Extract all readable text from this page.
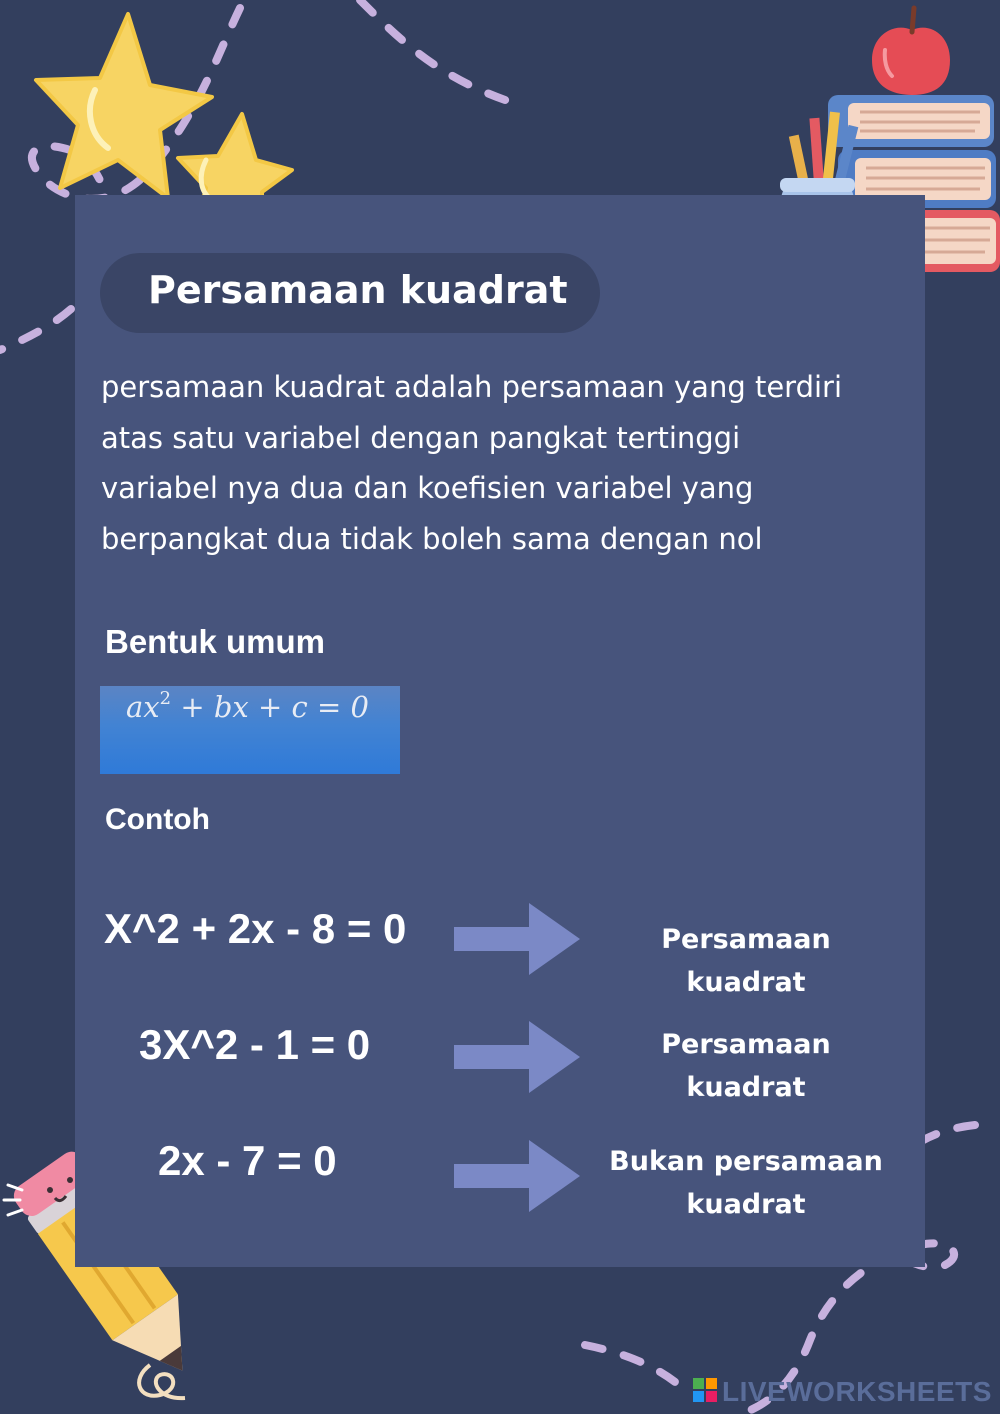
Persamaan kuadrat

persamaan kuadrat adalah persamaan yang terdiri

atas satu variabel dengan pangkat tertinggi

variabel nya dua dan koefisien variabel yang

berpangkat dua tidak boleh sama dengan nol

Bentuk umum
$ax^2$ + bx + c = 0
Contoh
X^2 + 2x - 8 = 0	Persamaan kuadrat
3X^2 - 1 = 0	Persamaan kuadrat
2x - 7 = 0	Bukan persamaan
kuadrat
LIVEWORKSHEETS
